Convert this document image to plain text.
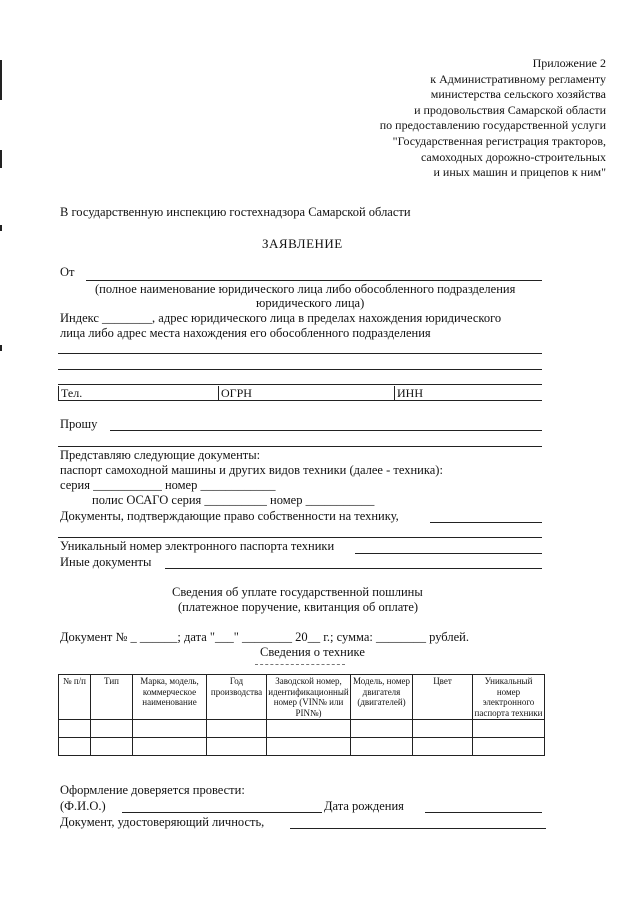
Приложение 2
к Административному регламенту
министерства сельского хозяйства
и продовольствия Самарской области
по предоставлению государственной услуги
"Государственная регистрация тракторов,
самоходных дорожно-строительных
и иных машин и прицепов к ним"
В государственную инспекцию гостехнадзора Самарской области
ЗАЯВЛЕНИЕ
От
(полное наименование юридического лица либо обособленного подразделения
юридического лица)
Индекс ________, адрес юридического лица в пределах нахождения юридического
лица либо адрес места нахождения его обособленного подразделения
Тел.	ОГРН	ИНН
Прошу
Представляю следующие документы:
паспорт самоходной машины и других видов техники (далее - техника):
серия ___________ номер ____________
полис ОСАГО серия __________ номер ___________
Документы, подтверждающие право собственности на технику,
Уникальный номер электронного паспорта техники
Иные документы
Сведения об уплате государственной пошлины
(платежное поручение, квитанция об оплате)
Документ № _ ______; дата "___" ________ 20__ г.; сумма: ________ рублей.
Сведения о технике
№ п/п	Тип	Марка, модель, коммерческое наименование	Год производства	Заводской номер, идентификационный номер (VIN№ или PIN№)	Модель, номер двигателя (двигателей)	Цвет	Уникальный номер электронного паспорта техники

Оформление доверяется провести:
(Ф.И.О.)	Дата рождения
Документ, удостоверяющий личность,
